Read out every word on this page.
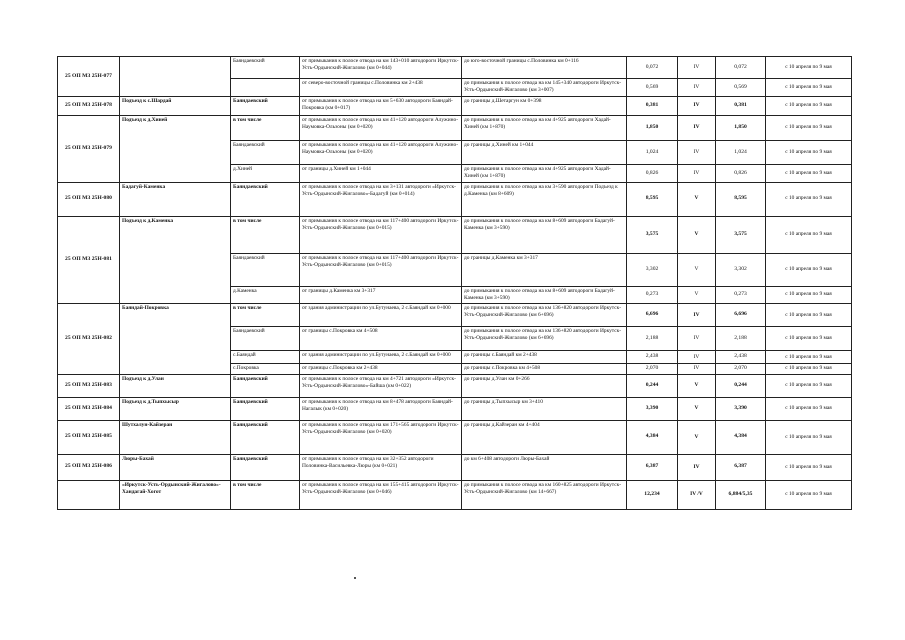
25 ОП МЗ 25Н-077		Баяндаевский	от примыкания к полосе отвода на км 143+010 автодороги Иркутск-Усть-Ордынский-Жигалово (км 0+044)	до юго-восточной границы с.Половинка км 0+116	0,072	IV	0,072	с 10 апреля по 9 мая
			от северо-восточной границы с.Половинка км 2+438	до примыкания к полосе отвода на км 145+340 автодороги Иркутск-Усть-Ордынский-Жигалово (км 3+007)	0,569	IV	0,569	с 10 апреля по 9 мая
25 ОП МЗ 25Н-078	Подъезд к с.Шардай	Баяндаевский	от примыкания к полосе отвода на км 5+630 автодороги Баяндай-Покровка (км 0+017)	до границы д.Шетаргун км 0+398	0,381	IV	0,381	с 10 апреля по 9 мая
25 ОП МЗ 25Н-079	Подъезд к д.Хиней	в том числе	от примыкания к полосе отвода на км 41+120 автодороги Алужино-Наумовка-Ользоны (км 0+020)	до примыкания к полосе отвода на км 4+925 автодороги Хадай-Хиней (км 1+870)	1,850	IV	1,850	с 10 апреля по 9 мая
		Баяндаевский	от примыкания к полосе отвода на км 41+120 автодороги Алужино-Наумовка-Ользоны (км 0+020)	до границы д.Хиней км 1+044	1,024	IV	1,024	с 10 апреля по 9 мая
		д.Хиней	от границы д.Хиней км 1+044	до примыкания к полосе отвода на км 4+925 автодороги Хадай-Хиней (км 1+870)	0,826	IV	0,826	с 10 апреля по 9 мая
25 ОП МЗ 25Н-080	Бадагуй-Каменка	Баяндаевский	от примыкания к полосе отвода на км 3+131 автодороги «Иркутск-Усть-Ордынский-Жигалово»-Бадагуй (км 0+014)	до примыкания к полосе отвода на км 3+590 автодороги Подъезд к д.Каменка (км 8+609)	8,595	V	8,595	с 10 апреля по 9 мая
25 ОП МЗ 25Н-081	Подъезд к д.Каменка	в том числе	от примыкания к полосе отвода на км 117+400 автодороги Иркутск-Усть-Ордынский-Жигалово (км 0+015)	до примыкания к полосе отвода на км 8+609 автодороги Бадагуй-Каменка (км 3+590)	3,575	V	3,575	с 10 апреля по 9 мая
		Баяндаевский	от примыкания к полосе отвода на км 117+400 автодороги Иркутск-Усть-Ордынский-Жигалово (км 0+015)	до границы д.Каменка км 3+317	3,302	V	3,302	с 10 апреля по 9 мая
		д.Каменка	от границы д.Каменка км 3+317	до примыкания к полосе отвода на км 8+609 автодороги Бадагуй-Каменка (км 3+590)	0,273	V	0,273	с 10 апреля по 9 мая
25 ОП МЗ 25Н-082	Баяндай-Покровка	в том числе	от здания администрации по ул.Бутунаева, 2 с.Баяндай км 0+000	до примыкания к полосе отвода на км 136+820 автодороги Иркутск-Усть-Ордынский-Жигалово (км 6+696)	6,696	IV	6,696	с 10 апреля по 9 мая
		Баяндаевский	от границы с.Покровка км 4+508	до примыкания к полосе отвода на км 136+820 автодороги Иркутск-Усть-Ордынский-Жигалово (км 6+696)	2,188	IV	2,188	с 10 апреля по 9 мая
		с.Баяндай	от здания администрации по ул.Бутунаева, 2 с.Баяндай км 0+000	до границы с.Баяндай км 2+438	2,438	IV	2,438	с 10 апреля по 9 мая
		с.Покровка	от границы с.Покровка км 2+438	до границы с.Покровка км 4+508	2,070	IV	2,070	с 10 апреля по 9 мая
25 ОП МЗ 25Н-083	Подъезд к д.Улан	Баяндаевский	от примыкания к полосе отвода на км 4+721 автодороги «Иркутск-Усть-Ордынский-Жигалово»-Байша (км 0+022)	до границы д.Улан км 0+266	0,244	V	0,244	с 10 апреля по 9 мая
25 ОП МЗ 25Н-084	Подъезд к д.Тыпхысыр	Баяндаевский	от примыкания к полосе отвода на км 8+478 автодороги Баяндай-Нагалык (км 0+020)	до границы д.Тыпхысыр км 3+410	3,390	V	3,390	с 10 апреля по 9 мая
25 ОП МЗ 25Н-085	Шутхалун-Кайзеран	Баяндаевский	от примыкания к полосе отвода на км 171+565 автодороги Иркутск-Усть-Ордынский-Жигалово (км 0+020)	до границы д.Кайзеран км 4+404	4,384	V	4,384	с 10 апреля по 9 мая
25 ОП МЗ 25Н-086	Люры-Бахай	Баяндаевский	от примыкания к полосе отвода на км 32+352 автодороги Половинка-Васильевка-Люры (км 0+021)	до км 6+408 автодороги Люры-Бахай	6,387	IV	6,387	с 10 апреля по 9 мая
	«Иркутск-Усть-Ордынский-Жигалово»-Хандагай-Хогот	в том числе	от примыкания к полосе отвода на км 155+415 автодороги Иркутск-Усть-Ордынский-Жигалово (км 0+046)	до примыкания к полосе отвода на км 160+825 автодороги Иркутск-Усть-Ордынский-Жигалово (км 14+667)	12,234	IV /V	6,884/5,35	с 10 апреля по 9 мая
